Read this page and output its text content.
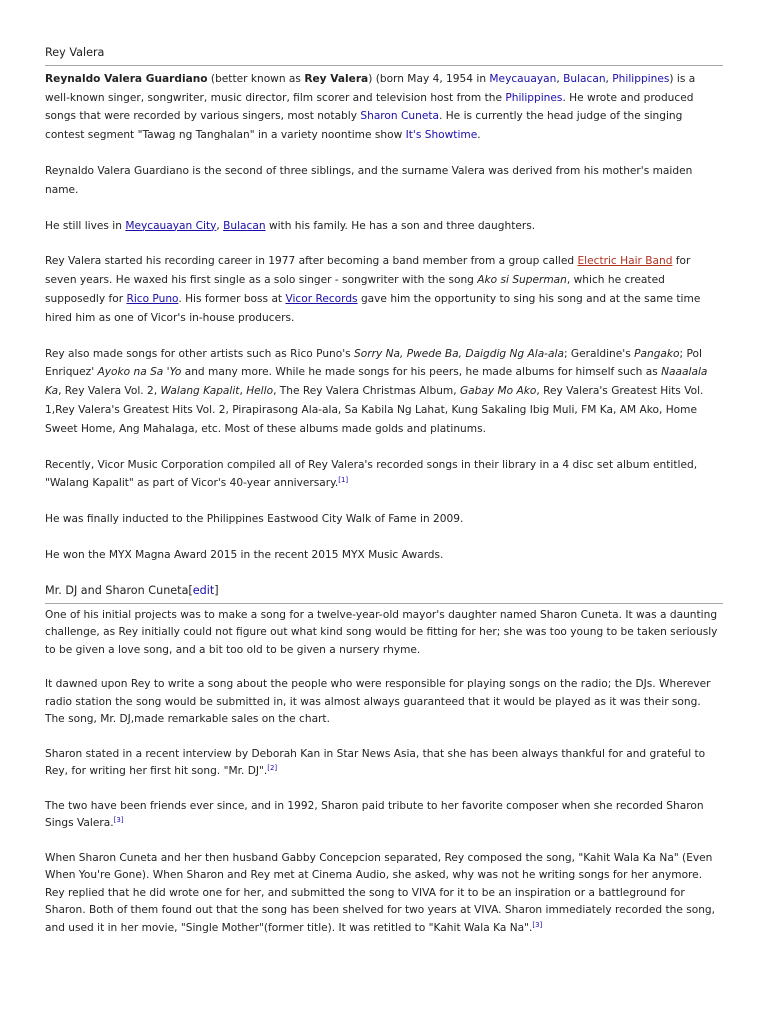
Rey Valera

Reynaldo Valera Guardiano (better known as Rey Valera) (born May 4, 1954 in Meycauayan, Bulacan, Philippines) is a well-known singer, songwriter, music director, film scorer and television host from the Philippines. He wrote and produced songs that were recorded by various singers, most notably Sharon Cuneta. He is currently the head judge of the singing contest segment "Tawag ng Tanghalan" in a variety noontime show It's Showtime.

Reynaldo Valera Guardiano is the second of three siblings, and the surname Valera was derived from his mother's maiden name.

He still lives in Meycauayan City, Bulacan with his family. He has a son and three daughters.

Rey Valera started his recording career in 1977 after becoming a band member from a group called Electric Hair Band for seven years. He waxed his first single as a solo singer - songwriter with the song Ako si Superman, which he created supposedly for Rico Puno. His former boss at Vicor Records gave him the opportunity to sing his song and at the same time hired him as one of Vicor's in-house producers.

Rey also made songs for other artists such as Rico Puno's Sorry Na, Pwede Ba, Daigdig Ng Ala-ala; Geraldine's Pangako; Pol Enriquez' Ayoko na Sa 'Yo and many more. While he made songs for his peers, he made albums for himself such as Naaalala Ka, Rey Valera Vol. 2, Walang Kapalit, Hello, The Rey Valera Christmas Album, Gabay Mo Ako, Rey Valera's Greatest Hits Vol. 1,Rey Valera's Greatest Hits Vol. 2, Pirapirasong Ala-ala, Sa Kabila Ng Lahat, Kung Sakaling Ibig Muli, FM Ka, AM Ako, Home Sweet Home, Ang Mahalaga, etc. Most of these albums made golds and platinums.

Recently, Vicor Music Corporation compiled all of Rey Valera's recorded songs in their library in a 4 disc set album entitled, "Walang Kapalit" as part of Vicor's 40-year anniversary.[1]

He was finally inducted to the Philippines Eastwood City Walk of Fame in 2009.

He won the MYX Magna Award 2015 in the recent 2015 MYX Music Awards.

Mr. DJ and Sharon Cuneta[edit]

One of his initial projects was to make a song for a twelve-year-old mayor's daughter named Sharon Cuneta. It was a daunting challenge, as Rey initially could not figure out what kind song would be fitting for her; she was too young to be taken seriously to be given a love song, and a bit too old to be given a nursery rhyme.

It dawned upon Rey to write a song about the people who were responsible for playing songs on the radio; the DJs. Wherever radio station the song would be submitted in, it was almost always guaranteed that it would be played as it was their song. The song, Mr. DJ,made remarkable sales on the chart.

Sharon stated in a recent interview by Deborah Kan in Star News Asia, that she has been always thankful for and grateful to Rey, for writing her first hit song. "Mr. DJ".[2]

The two have been friends ever since, and in 1992, Sharon paid tribute to her favorite composer when she recorded Sharon Sings Valera.[3]

When Sharon Cuneta and her then husband Gabby Concepcion separated, Rey composed the song, "Kahit Wala Ka Na" (Even When You're Gone). When Sharon and Rey met at Cinema Audio, she asked, why was not he writing songs for her anymore. Rey replied that he did wrote one for her, and submitted the song to VIVA for it to be an inspiration or a battleground for Sharon. Both of them found out that the song has been shelved for two years at VIVA. Sharon immediately recorded the song, and used it in her movie, "Single Mother"(former title). It was retitled to "Kahit Wala Ka Na".[3]
